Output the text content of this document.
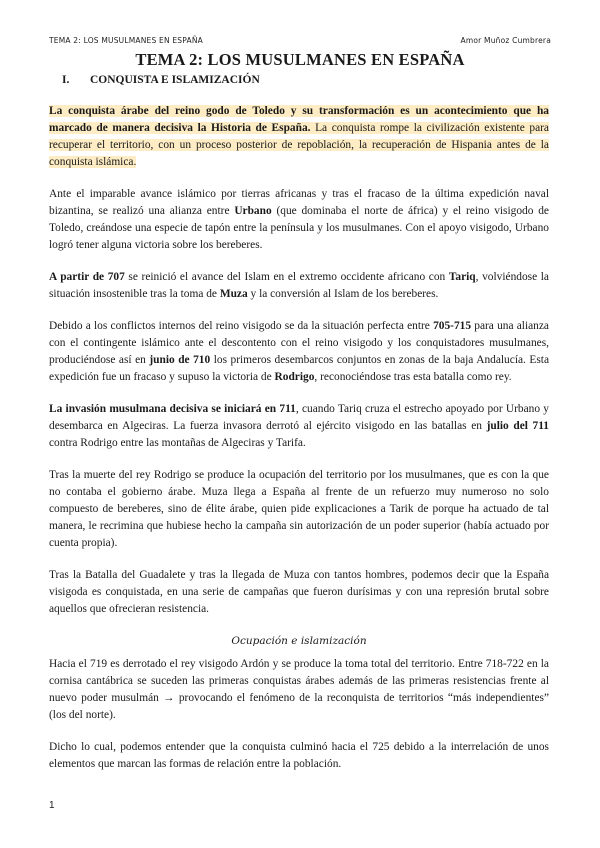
TEMA 2: LOS MUSULMANES EN ESPAÑA	Amor Muñoz Cumbrera
TEMA 2: LOS MUSULMANES EN ESPAÑA
I. CONQUISTA E ISLAMIZACIÓN

La conquista árabe del reino godo de Toledo y su transformación es un acontecimiento que ha marcado de manera decisiva la Historia de España. La conquista rompe la civilización existente para recuperar el territorio, con un proceso posterior de repoblación, la recuperación de Hispania antes de la conquista islámica.

Ante el imparable avance islámico por tierras africanas y tras el fracaso de la última expedición naval bizantina, se realizó una alianza entre Urbano (que dominaba el norte de áfrica) y el reino visigodo de Toledo, creándose una especie de tapón entre la península y los musulmanes. Con el apoyo visigodo, Urbano logró tener alguna victoria sobre los bereberes.

A partir de 707 se reinició el avance del Islam en el extremo occidente africano con Tariq, volviéndose la situación insostenible tras la toma de Muza y la conversión al Islam de los bereberes.

Debido a los conflictos internos del reino visigodo se da la situación perfecta entre 705-715 para una alianza con el contingente islámico ante el descontento con el reino visigodo y los conquistadores musulmanes, produciéndose así en junio de 710 los primeros desembarcos conjuntos en zonas de la baja Andalucía. Esta expedición fue un fracaso y supuso la victoria de Rodrigo, reconociéndose tras esta batalla como rey.

La invasión musulmana decisiva se iniciará en 711, cuando Tariq cruza el estrecho apoyado por Urbano y desembarca en Algeciras. La fuerza invasora derrotó al ejército visigodo en las batallas en julio del 711 contra Rodrigo entre las montañas de Algeciras y Tarifa.

Tras la muerte del rey Rodrigo se produce la ocupación del territorio por los musulmanes, que es con la que no contaba el gobierno árabe. Muza llega a España al frente de un refuerzo muy numeroso no solo compuesto de bereberes, sino de élite árabe, quien pide explicaciones a Tarik de porque ha actuado de tal manera, le recrimina que hubiese hecho la campaña sin autorización de un poder superior (había actuado por cuenta propia).

Tras la Batalla del Guadalete y tras la llegada de Muza con tantos hombres, podemos decir que la España visigoda es conquistada, en una serie de campañas que fueron durísimas y con una represión brutal sobre aquellos que ofrecieran resistencia.

Ocupación e islamización

Hacia el 719 es derrotado el rey visigodo Ardón y se produce la toma total del territorio. Entre 718-722 en la cornisa cantábrica se suceden las primeras conquistas árabes además de las primeras resistencias frente al nuevo poder musulmán → provocando el fenómeno de la reconquista de territorios “más independientes” (los del norte).

Dicho lo cual, podemos entender que la conquista culminó hacia el 725 debido a la interrelación de unos elementos que marcan las formas de relación entre la población.

1
